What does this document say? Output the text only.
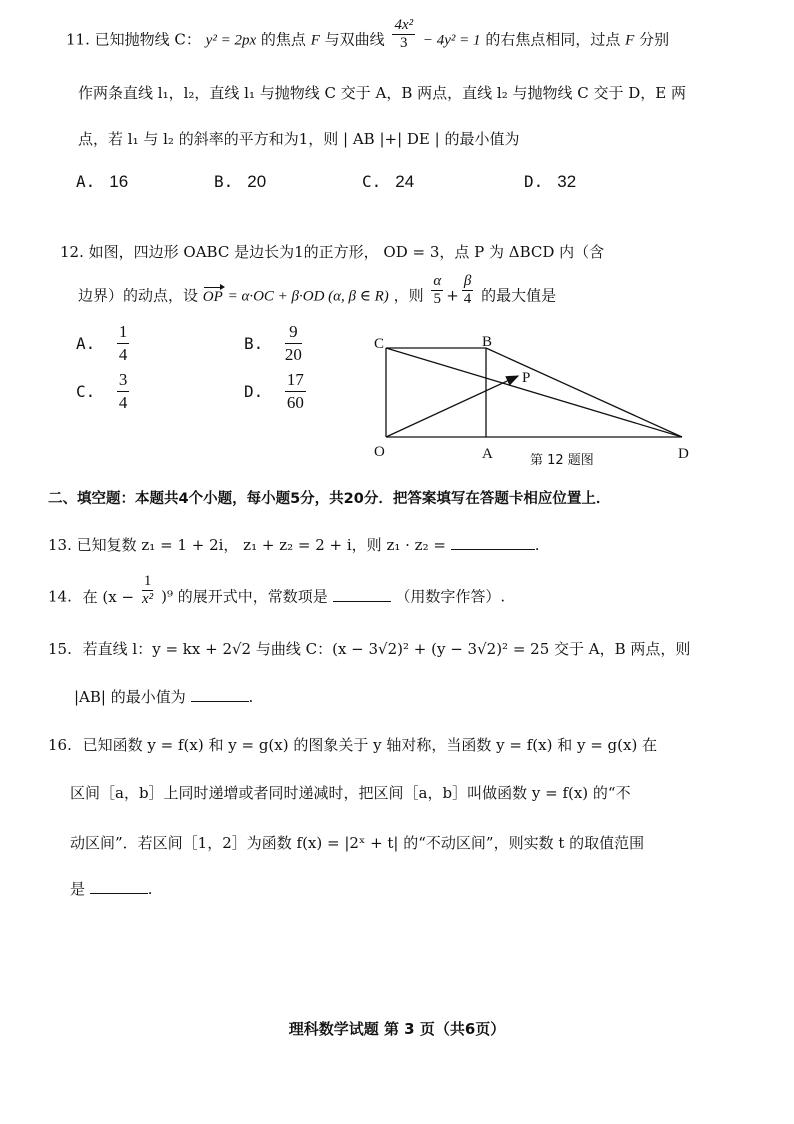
11. 已知抛物线 C： y² = 2px 的焦点 F 与双曲线 $\frac{\text{4x²}}{3} - 4y^2 = 1$ 的右焦点相同，过点 F 分别
作两条直线 l₁，l₂，直线 l₁ 与抛物线 C 交于 A，B 两点，直线 l₂ 与抛物线 C 交于 D，E 两
点，若 l₁ 与 l₂ 的斜率的平方和为1，则 | AB |+| DE | 的最小值为
A. 16	B. 20	C. 24	D. 32
12. 如图，四边形 OABC 是边长为1的正方形， OD = 3，点 P 为 ΔBCD 内（含
边界）的动点，设 OP = α·OC + β·OD (α, β ∈ R) ，则 $\frac{\alpha}{5} + \frac{\beta}{4}$ 的最大值是
A. $\frac{1}{4}$	B. $\frac{9}{20}$
C. $\frac{3}{4}$	D. $\frac{17}{60}$
C	B
P
O	A	D
第 12 题图
二、填空题：本题共4个小题，每小题5分，共20分．把答案填写在答题卡相应位置上．
13. 已知复数 z₁ = 1 + 2i， z₁ + z₂ = 2 + i，则 z₁ · z₂ =	.
14. 在 $(x - \frac{1}{\text{x²}} )^9$ 的展开式中，常数项是	（用数字作答）.
15. 若直线 l：y = kx + 2√2 与曲线 C：(x − 3√2)² + (y − 3√2)² = 25 交于 A，B 两点，则
|AB| 的最小值为	.
16. 已知函数 y = f(x) 和 y = g(x) 的图象关于 y 轴对称，当函数 y = f(x) 和 y = g(x) 在
区间［a，b］上同时递增或者同时递减时，把区间［a，b］叫做函数 y = f(x) 的“不
动区间”．若区间［1，2］为函数 f(x) = |2ˣ + t| 的“不动区间”，则实数 t 的取值范围
是	.
理科数学试题 第 3 页（共6页）
